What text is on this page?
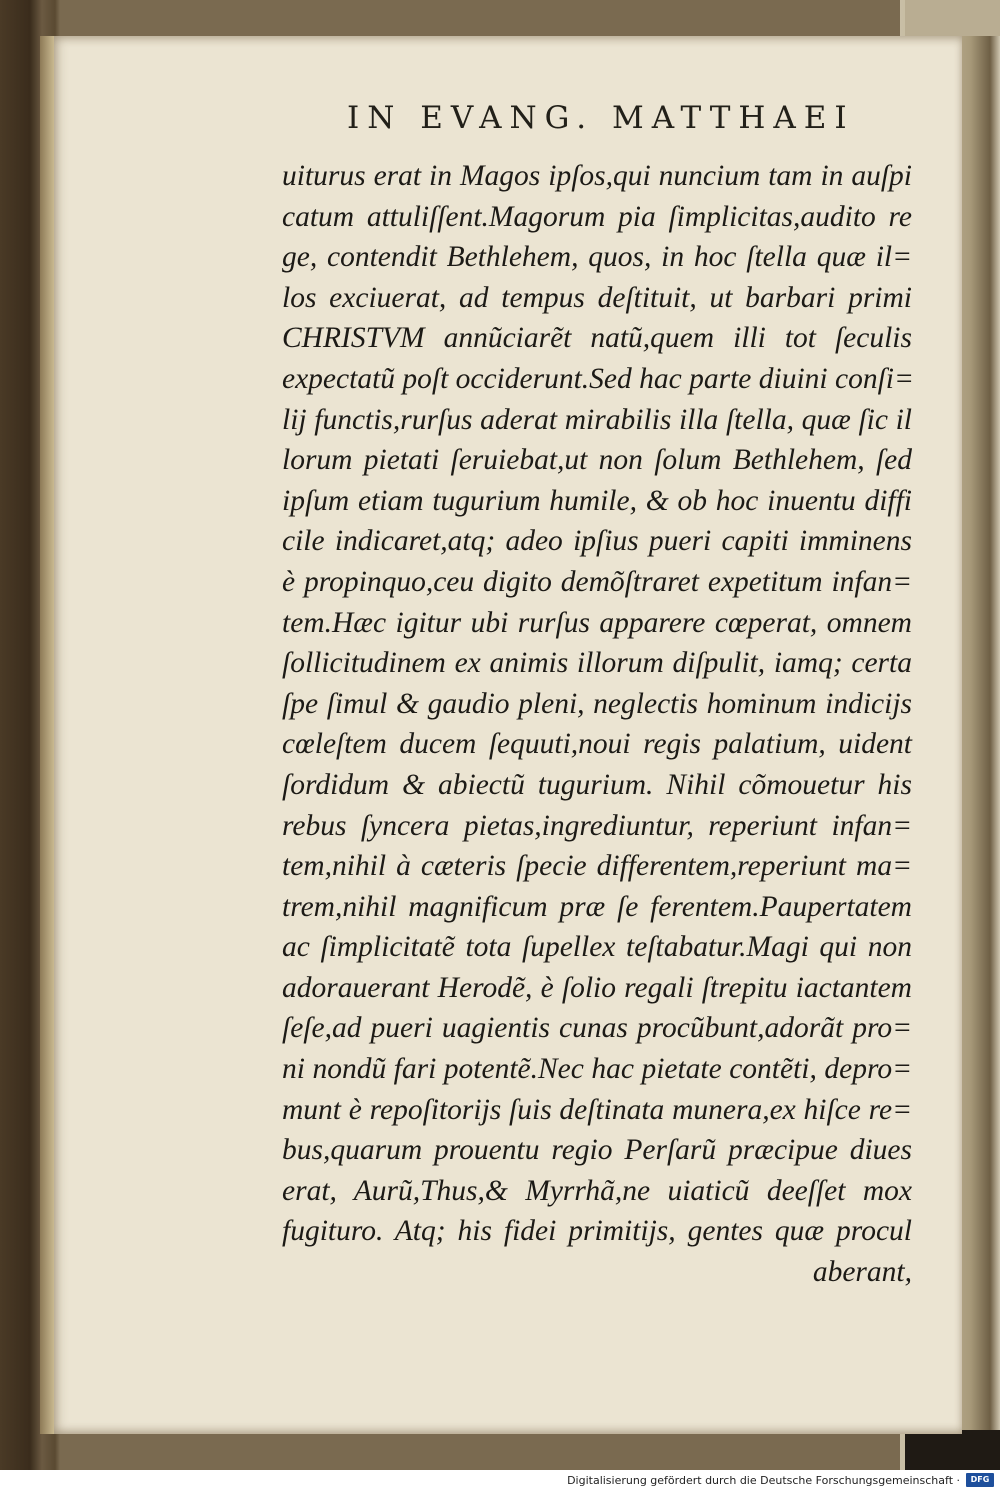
IN EVANG. MATTHAEI
uiturus erat in Magos ipſos,qui nuncium tam in auſpi
catum attuliſſent.Magorum pia ſimplicitas,audito re
ge, contendit Bethlehem, quos, in hoc ſtella quæ il=
los exciuerat, ad tempus deſtituit, ut barbari primi
CHRISTVM annũciarẽt natũ,quem illi tot ſeculis
expectatũ poſt occiderunt.Sed hac parte diuini conſi=
lij functis,rurſus aderat mirabilis illa ſtella, quæ ſic il
lorum pietati ſeruiebat,ut non ſolum Bethlehem, ſed
ipſum etiam tugurium humile, & ob hoc inuentu diffi
cile indicaret,atq; adeo ipſius pueri capiti imminens
è propinquo,ceu digito demõſtraret expetitum infan=
tem.Hæc igitur ubi rurſus apparere cœperat, omnem
ſollicitudinem ex animis illorum diſpulit, iamq; certa
ſpe ſimul & gaudio pleni, neglectis hominum indicijs
cœleſtem ducem ſequuti,noui regis palatium, uident
ſordidum & abiectũ tugurium. Nihil cõmouetur his
rebus ſyncera pietas,ingrediuntur, reperiunt infan=
tem,nihil à cæteris ſpecie differentem,reperiunt ma=
trem,nihil magnificum præ ſe ferentem.Paupertatem
ac ſimplicitatẽ tota ſupellex teſtabatur.Magi qui non
adorauerant Herodẽ, è ſolio regali ſtrepitu iactantem
ſeſe,ad pueri uagientis cunas procũbunt,adorãt pro=
ni nondũ fari potentẽ.Nec hac pietate contẽti, depro=
munt è repoſitorijs ſuis deſtinata munera,ex hiſce re=
bus,quarum prouentu regio Perſarũ præcipue diues
erat, Aurũ,Thus,& Myrrhã,ne uiaticũ deeſſet mox
fugituro. Atq; his fidei primitijs, gentes quæ procul
aberant,
Digitalisierung gefördert durch die Deutsche Forschungsgemeinschaft ·	DFG
